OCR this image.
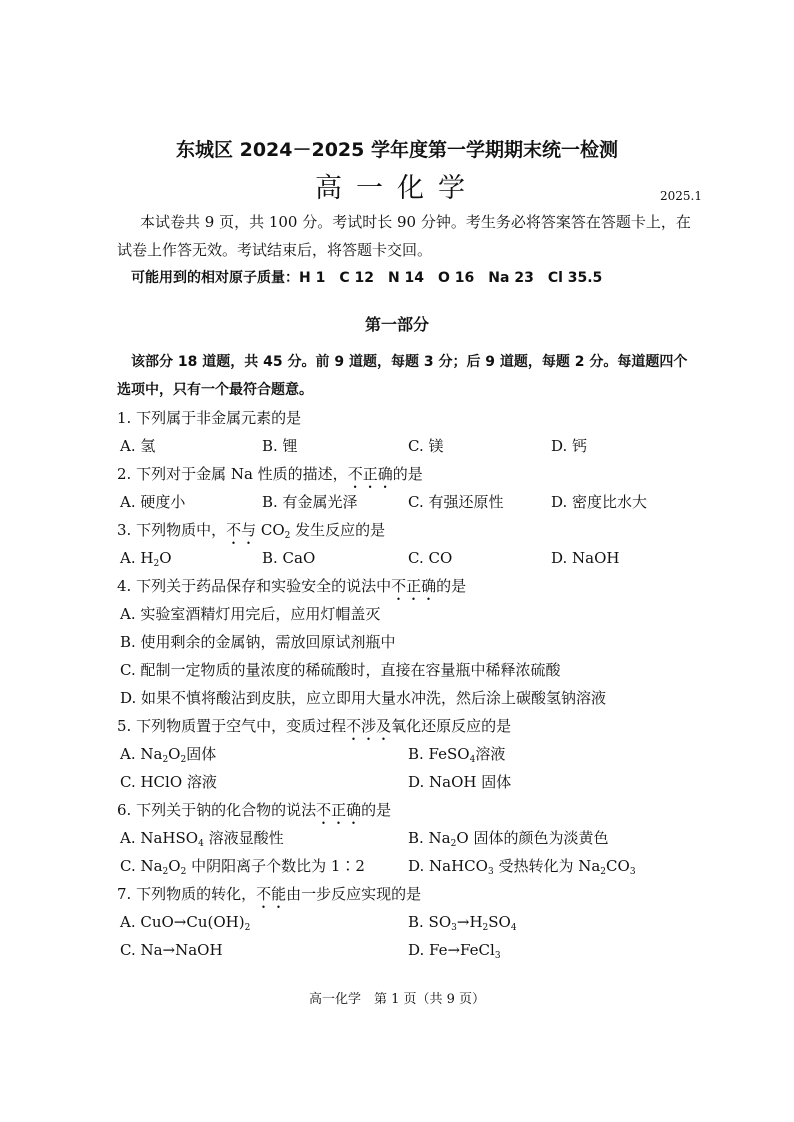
东城区 2024－2025 学年度第一学期期末统一检测
高一化学	2025.1
本试卷共 9 页，共 100 分。考试时长 90 分钟。考生务必将答案答在答题卡上，在
试卷上作答无效。考试结束后，将答题卡交回。
可能用到的相对原子质量：H 1　C 12　N 14　O 16　Na 23　Cl 35.5
第一部分
该部分 18 道题，共 45 分。前 9 道题，每题 3 分；后 9 道题，每题 2 分。每道题四个
选项中，只有一个最符合题意。
1. 下列属于非金属元素的是
A. 氢	B. 锂	C. 镁	D. 钙
2. 下列对于金属 Na 性质的描述，不正确的是
A. 硬度小	B. 有金属光泽	C. 有强还原性	D. 密度比水大
3. 下列物质中，不与 $CO_2$ 发生反应的是
A. $H_2O$	B. CaO	C. CO	D. NaOH
4. 下列关于药品保存和实验安全的说法中不正确的是
A. 实验室酒精灯用完后，应用灯帽盖灭
B. 使用剩余的金属钠，需放回原试剂瓶中
C. 配制一定物质的量浓度的稀硫酸时，直接在容量瓶中稀释浓硫酸
D. 如果不慎将酸沾到皮肤，应立即用大量水冲洗，然后涂上碳酸氢钠溶液
5. 下列物质置于空气中，变质过程不涉及氧化还原反应的是
A. $Na_2O_2$固体	B. FeSO$_4$溶液
C. HClO 溶液	D. NaOH 固体
6. 下列关于钠的化合物的说法不正确的是
A. NaHSO$_4$ 溶液显酸性	B. $Na_2O$ 固体的颜色为淡黄色
C. $Na_2O_2$ 中阴阳离子个数比为 1∶2	D. NaHCO$_3$ 受热转化为 $Na_2CO_3$
7. 下列物质的转化，不能由一步反应实现的是
A. $CuO\to Cu(OH)_2$	B. $SO_3\to H_2SO_4$
C. Na→NaOH	D. Fe→FeCl$_3$
高一化学　第 1 页（共 9 页）
